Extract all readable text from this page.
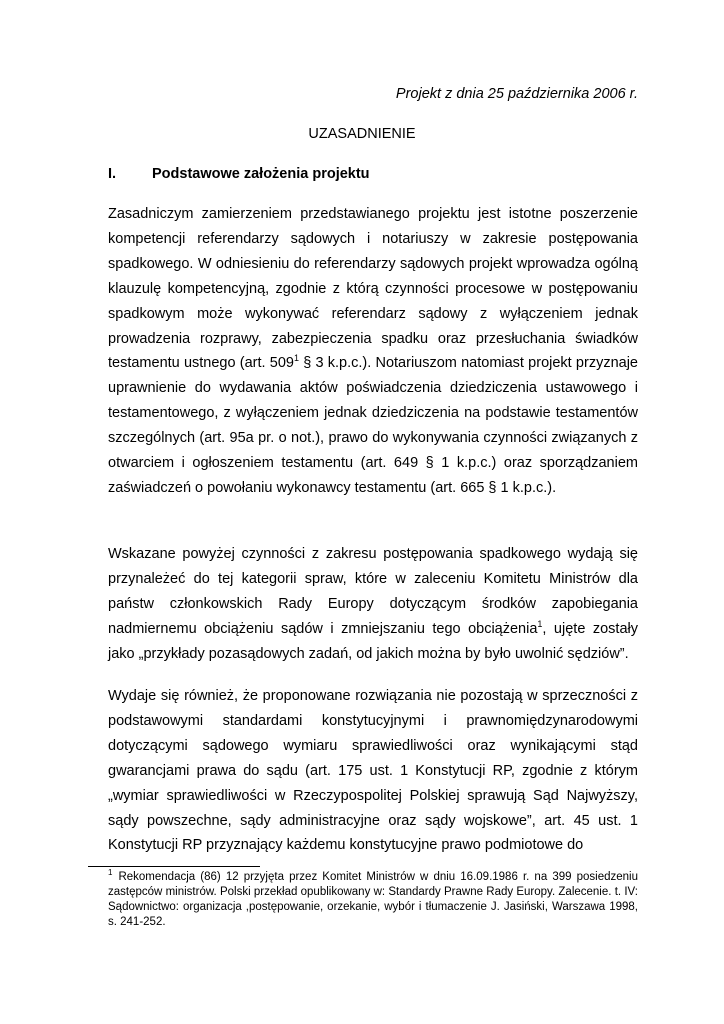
Projekt z dnia 25 października 2006 r.
UZASADNIENIE
I. Podstawowe założenia projektu

Zasadniczym zamierzeniem przedstawianego projektu jest istotne poszerzenie kompetencji referendarzy sądowych i notariuszy w zakresie postępowania spadkowego. W odniesieniu do referendarzy sądowych projekt wprowadza ogólną klauzulę kompetencyjną, zgodnie z którą czynności procesowe w postępowaniu spadkowym może wykonywać referendarz sądowy z wyłączeniem jednak prowadzenia rozprawy, zabezpieczenia spadku oraz przesłuchania świadków testamentu ustnego (art. $509^1$ § 3 k.p.c.). Notariuszom natomiast projekt przyznaje uprawnienie do wydawania aktów poświadczenia dziedziczenia ustawowego i testamentowego, z wyłączeniem jednak dziedziczenia na podstawie testamentów szczególnych (art. 95a pr. o not.), prawo do wykonywania czynności związanych z otwarciem i ogłoszeniem testamentu (art. 649 § 1 k.p.c.) oraz sporządzaniem zaświadczeń o powołaniu wykonawcy testamentu (art. 665 § 1 k.p.c.).

Wskazane powyżej czynności z zakresu postępowania spadkowego wydają się przynależeć do tej kategorii spraw, które w zaleceniu Komitetu Ministrów dla państw członkowskich Rady Europy dotyczącym środków zapobiegania nadmiernemu obciążeniu sądów i zmniejszaniu tego obciążenia$^1$, ujęte zostały jako „przykłady pozasądowych zadań, od jakich można by było uwolnić sędziów”.

Wydaje się również, że proponowane rozwiązania nie pozostają w sprzeczności z podstawowymi standardami konstytucyjnymi i prawnomiędzynarodowymi dotyczącymi sądowego wymiaru sprawiedliwości oraz wynikającymi stąd gwarancjami prawa do sądu (art. 175 ust. 1 Konstytucji RP, zgodnie z którym „wymiar sprawiedliwości w Rzeczypospolitej Polskiej sprawują Sąd Najwyższy, sądy powszechne, sądy administracyjne oraz sądy wojskowe”, art. 45 ust. 1 Konstytucji RP przyznający każdemu konstytucyjne prawo podmiotowe do

$^1$ Rekomendacja (86) 12 przyjęta przez Komitet Ministrów w dniu 16.09.1986 r. na 399 posiedzeniu zastępców ministrów. Polski przekład opublikowany w: Standardy Prawne Rady Europy. Zalecenie. t. IV: Sądownictwo: organizacja ,postępowanie, orzekanie, wybór i tłumaczenie J. Jasiński, Warszawa 1998, s. 241-252.
